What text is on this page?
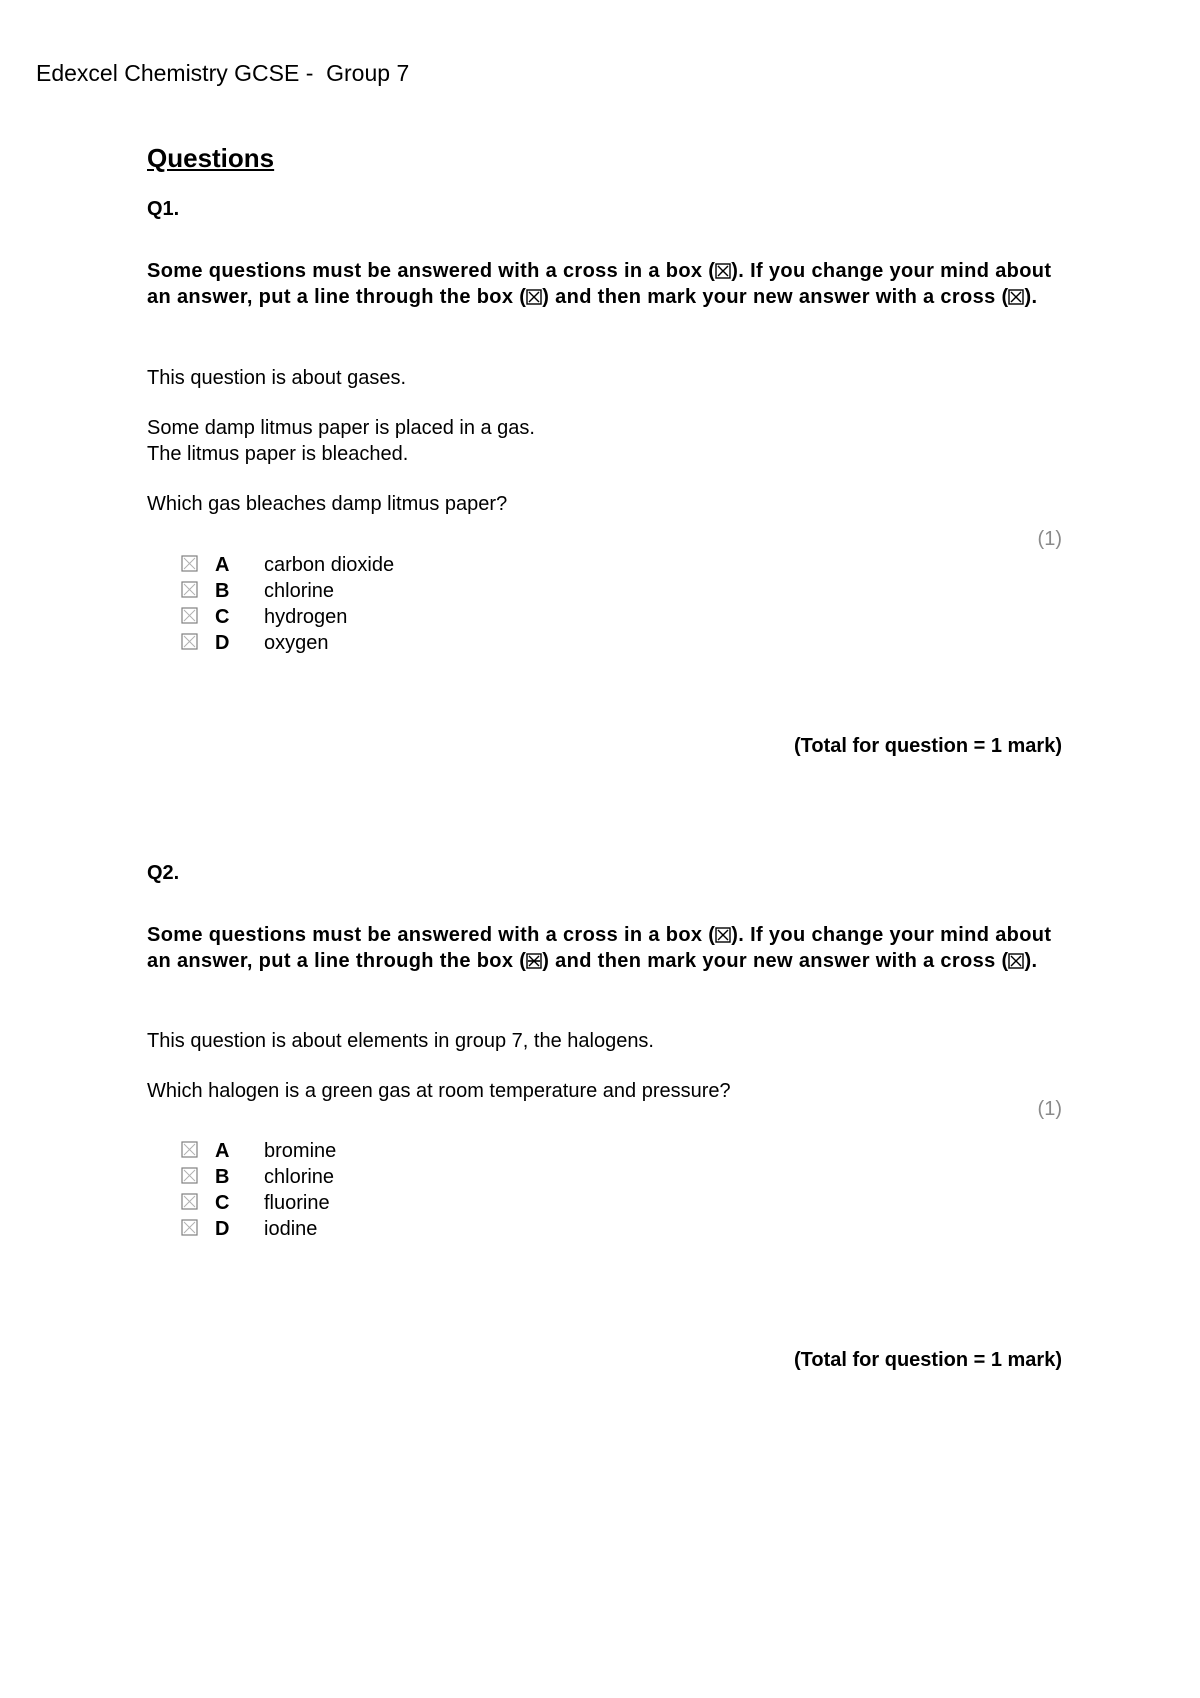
Edexcel Chemistry GCSE -  Group 7
Questions
Q1.

Some questions must be answered with a cross in a box (☒). If you change your mind about an answer, put a line through the box (☒) and then mark your new answer with a cross (☒).

This question is about gases.

Some damp litmus paper is placed in a gas.

The litmus paper is bleached.

Which gas bleaches damp litmus paper?

(1)
A carbon dioxide
B chlorine
C hydrogen
D oxygen
(Total for question = 1 mark)
Q2.

Some questions must be answered with a cross in a box (☒). If you change your mind about an answer, put a line through the box (☒) and then mark your new answer with a cross (☒).

This question is about elements in group 7, the halogens.

Which halogen is a green gas at room temperature and pressure?

(1)
A bromine
B chlorine
C fluorine
D iodine
(Total for question = 1 mark)
